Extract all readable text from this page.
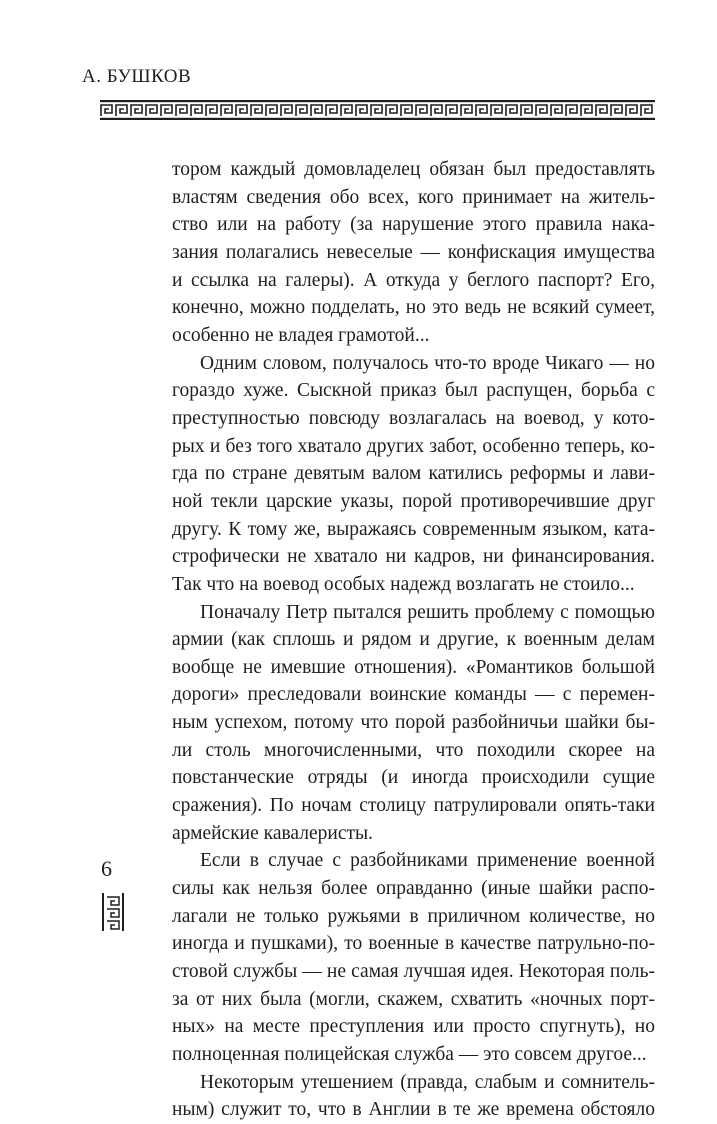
А. БУШКОВ

тором каждый домовладелец обязан был предоставлять властям сведения обо всех, кого принимает на жительство или на работу (за нарушение этого правила наказания полагались невеселые — конфискация имущества и ссылка на галеры). А откуда у беглого паспорт? Его, конечно, можно подделать, но это ведь не всякий сумеет, особенно не владея грамотой...

Одним словом, получалось что-то вроде Чикаго — но гораздо хуже. Сыскной приказ был распущен, борьба с преступностью повсюду возлагалась на воевод, у которых и без того хватало других забот, особенно теперь, когда по стране девятым валом катились реформы и лавиной текли царские указы, порой противоречившие друг другу. К тому же, выражаясь современным языком, катастрофически не хватало ни кадров, ни финансирования. Так что на воевод особых надежд возлагать не стоило...

Поначалу Петр пытался решить проблему с помощью армии (как сплошь и рядом и другие, к военным делам вообще не имевшие отношения). «Романтиков большой дороги» преследовали воинские команды — с переменным успехом, потому что порой разбойничьи шайки были столь многочисленными, что походили скорее на повстанческие отряды (и иногда происходили сущие сражения). По ночам столицу патрулировали опять-таки армейские кавалеристы.

Если в случае с разбойниками применение военной силы как нельзя более оправданно (иные шайки располагали не только ружьями в приличном количестве, но иногда и пушками), то военные в качестве патрульно-постовой службы — не самая лучшая идея. Некоторая польза от них была (могли, скажем, схватить «ночных портных» на месте преступления или просто спугнуть), но полноценная полицейская служба — это совсем другое...

Некоторым утешением (правда, слабым и сомнительным) служит то, что в Англии в те же времена обстояло

6
